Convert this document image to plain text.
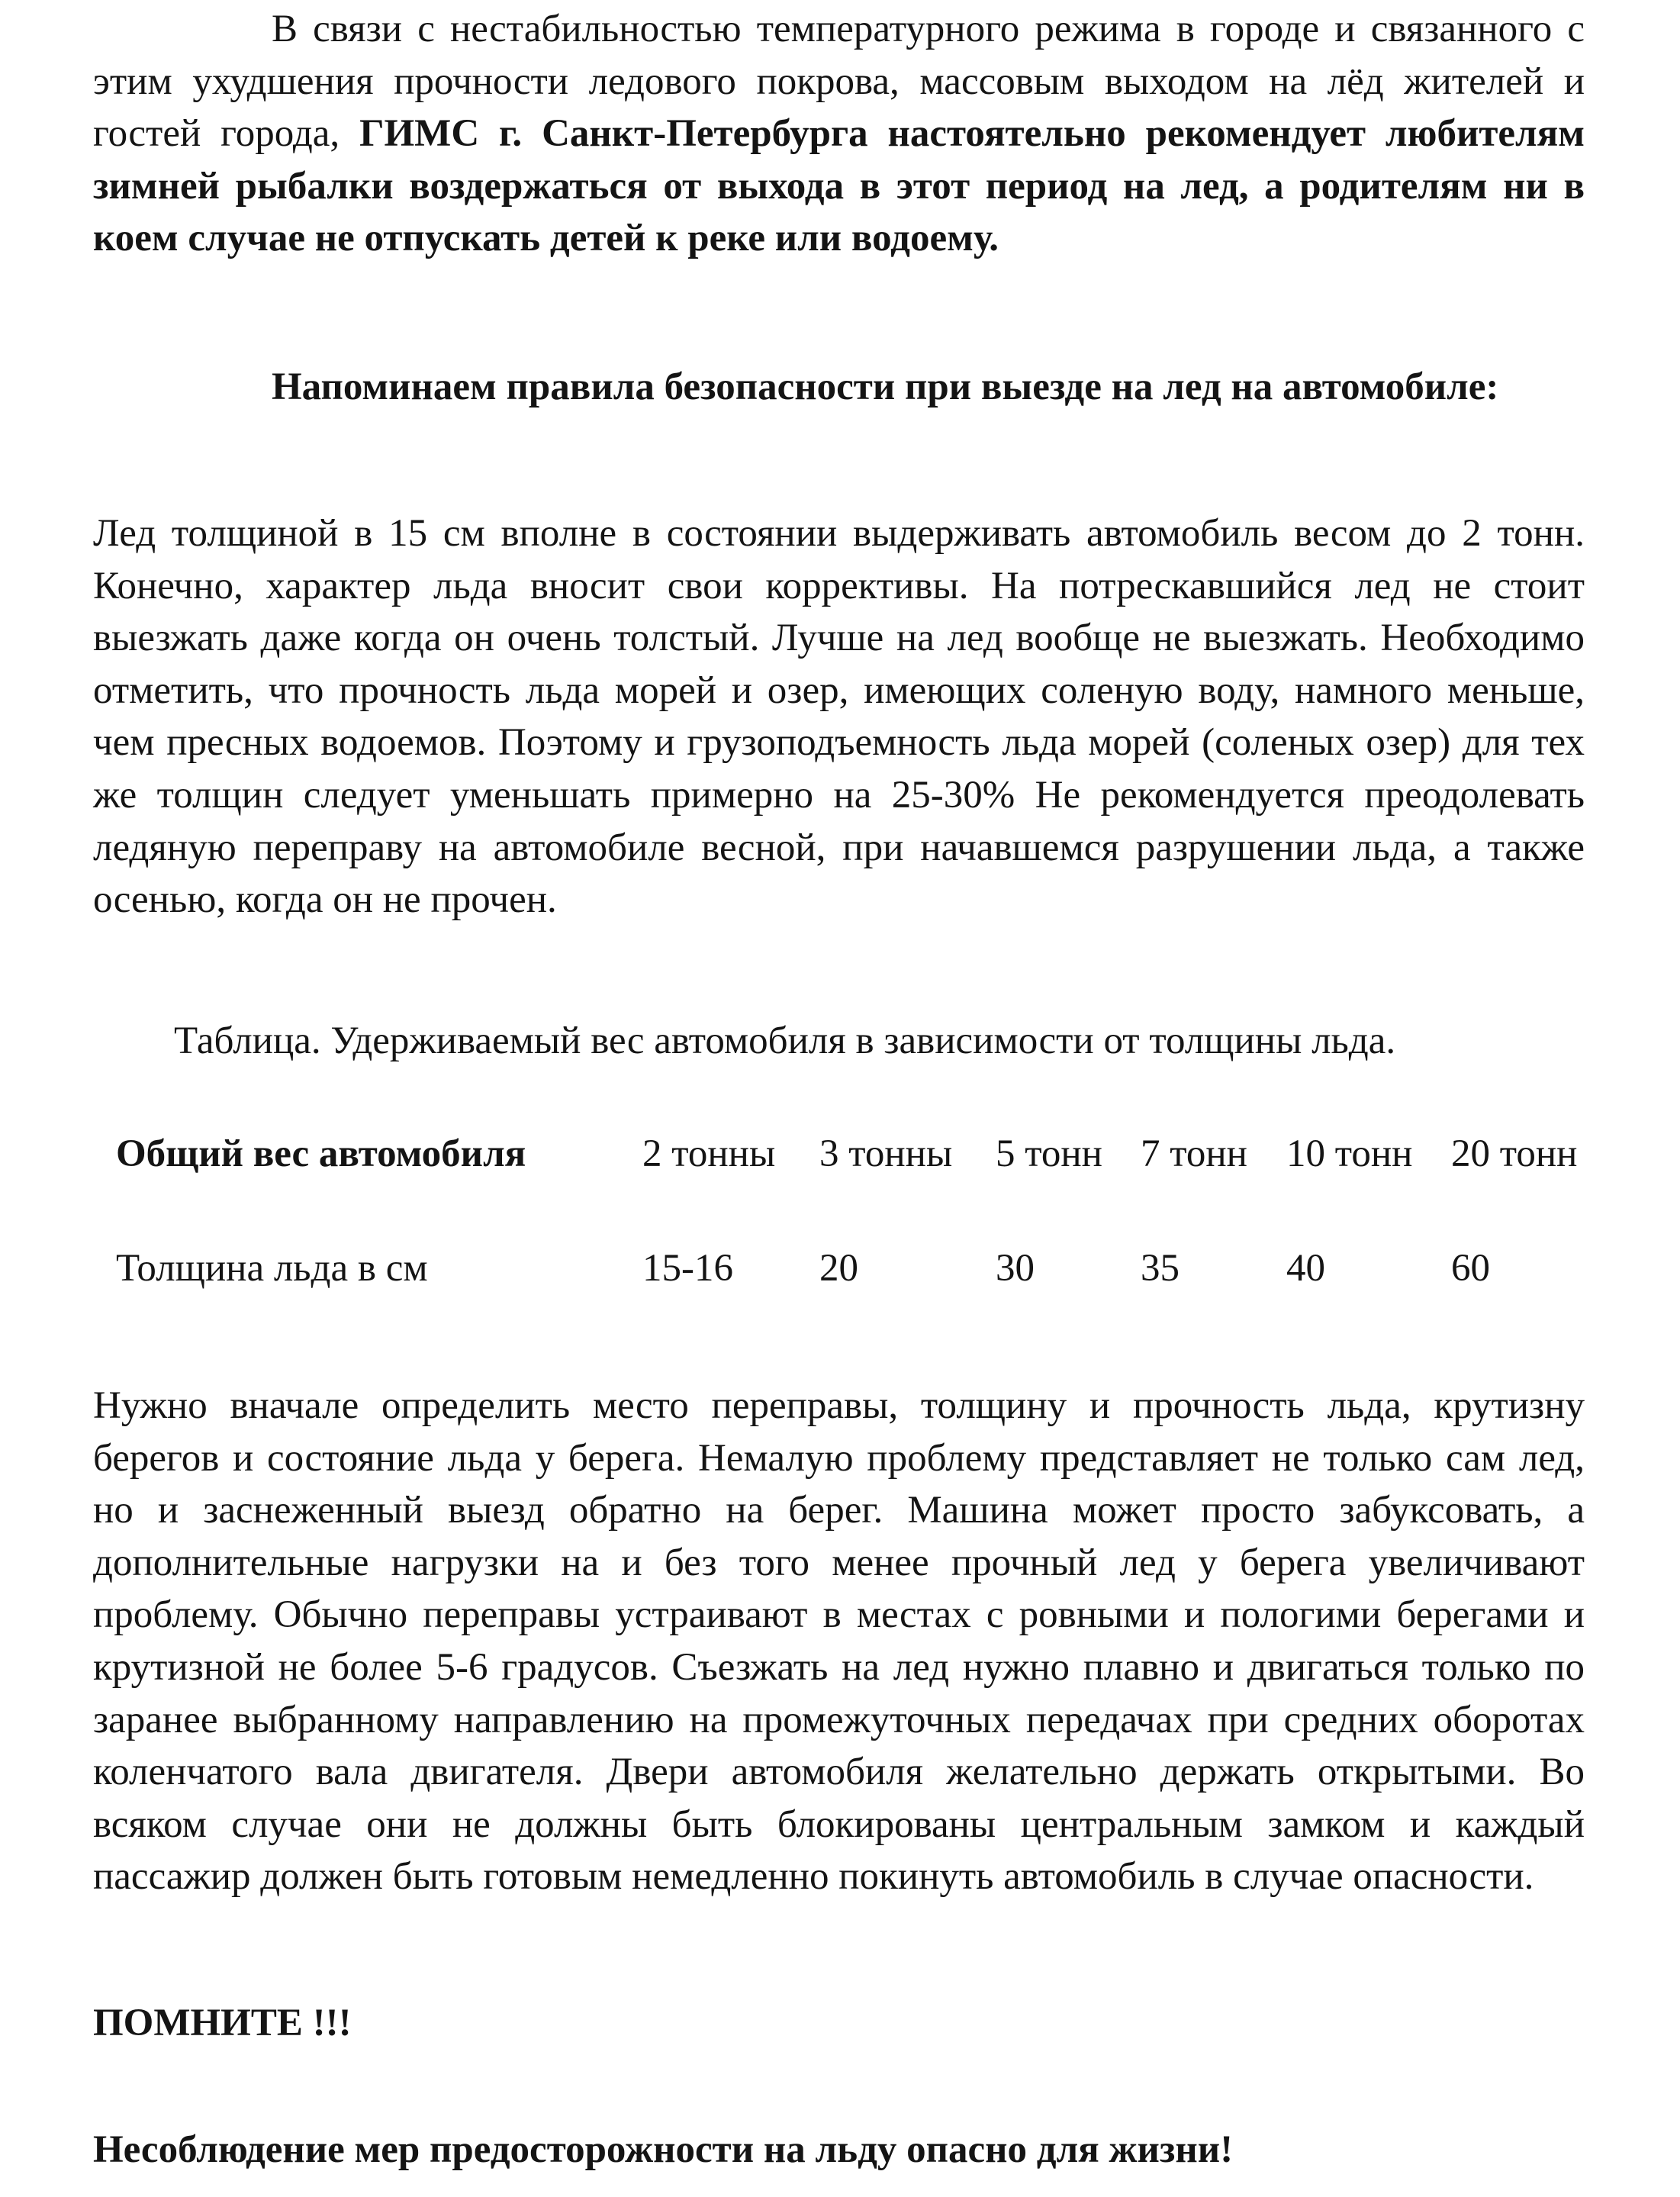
В связи с нестабильностью температурного режима в городе и связанного с этим ухудшения прочности ледового покрова, массовым выходом на лёд жителей и гостей города, ГИМС г. Санкт-Петербурга настоятельно рекомендует любителям зимней рыбалки воздержаться от выхода в этот период на лед, а родителям ни в коем случае не отпускать детей к реке или водоему.

Напоминаем правила безопасности при выезде на лед на автомобиле:

Лед толщиной в 15 см вполне в состоянии выдерживать автомобиль весом до 2 тонн. Конечно, характер льда вносит свои коррективы. На потрескавшийся лед не стоит выезжать даже когда он очень толстый. Лучше на лед вообще не выезжать. Необходимо отметить, что прочность льда морей и озер, имеющих соленую воду, намного меньше, чем пресных водоемов. Поэтому и грузоподъемность льда морей (соленых озер) для тех же толщин следует уменьшать примерно на 25-30% Не рекомендуется преодолевать ледяную переправу на автомобиле весной, при начавшемся разрушении льда, а также осенью, когда он не прочен.

Таблица. Удерживаемый вес автомобиля в зависимости от толщины льда.

Общий вес автомобиля	2 тонны	3 тонны	5 тонн	7 тонн	10 тонн	20 тонн
Толщина льда в см	15-16	20	30	35	40	60

Нужно вначале определить место переправы, толщину и прочность льда, крутизну берегов и состояние льда у берега. Немалую проблему представляет не только сам лед, но и заснеженный выезд обратно на берег. Машина может просто забуксовать, а дополнительные нагрузки на и без того менее прочный лед у берега увеличивают проблему. Обычно переправы устраивают в местах с ровными и пологими берегами и крутизной не более 5-6 градусов. Съезжать на лед нужно плавно и двигаться только по заранее выбранному направлению на промежуточных передачах при средних оборотах коленчатого вала двигателя. Двери автомобиля желательно держать открытыми. Во всяком случае они не должны быть блокированы центральным замком и каждый пассажир должен быть готовым немедленно покинуть автомобиль в случае опасности.

ПОМНИТЕ !!!

Несоблюдение мер предосторожности на льду опасно для жизни!
